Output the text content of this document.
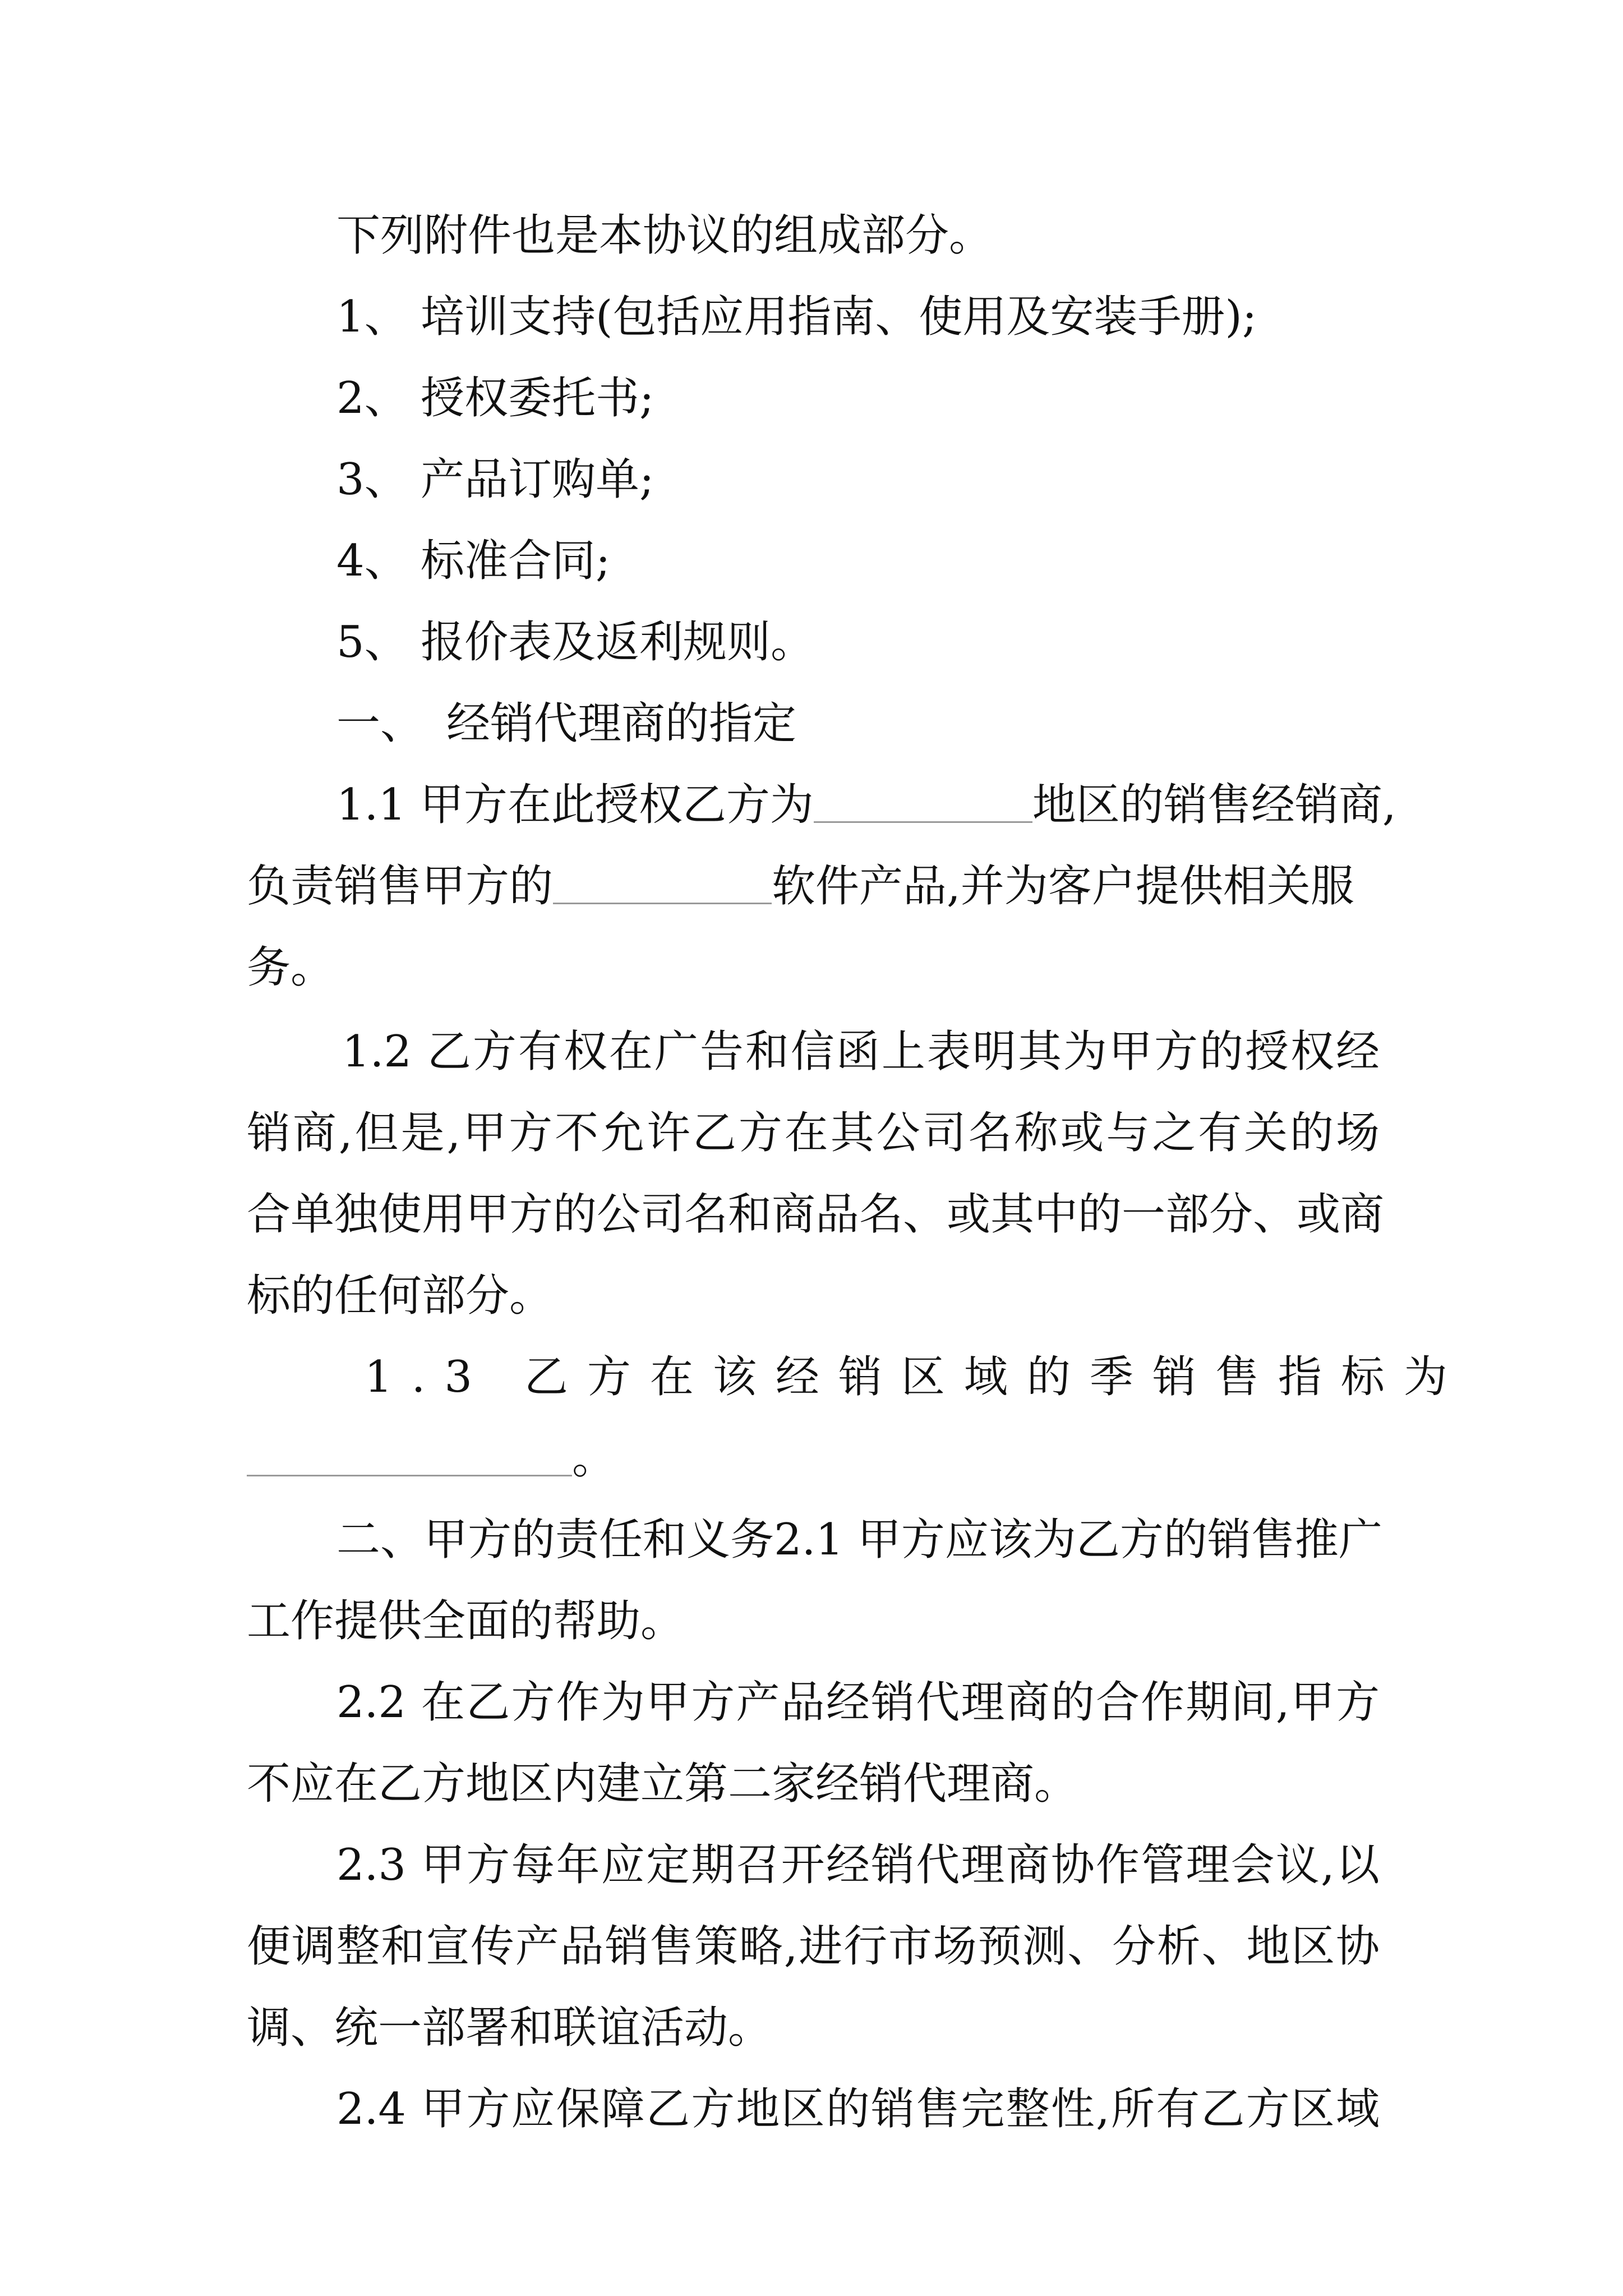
下列附件也是本协议的组成部分。
1、 培训支持(包括应用指南、使用及安装手册);
2、 授权委托书;
3、 产品订购单;
4、 标准合同;
5、 报价表及返利规则。
一、 经销代理商的指定
1.1 甲方在此授权乙方为	地区的销售经销商,
负责销售甲方的	软件产品,并为客户提供相关服
务。
1.2 乙方有权在广告和信函上表明其为甲方的授权经
销商,但是,甲方不允许乙方在其公司名称或与之有关的场
合单独使用甲方的公司名和商品名、或其中的一部分、或商
标的任何部分。
1.3 乙方在该经销区域的季销售指标为
。
二、甲方的责任和义务2.1 甲方应该为乙方的销售推广
工作提供全面的帮助。
2.2 在乙方作为甲方产品经销代理商的合作期间,甲方
不应在乙方地区内建立第二家经销代理商。
2.3 甲方每年应定期召开经销代理商协作管理会议,以
便调整和宣传产品销售策略,进行市场预测、分析、地区协
调、统一部署和联谊活动。
2.4 甲方应保障乙方地区的销售完整性,所有乙方区域
